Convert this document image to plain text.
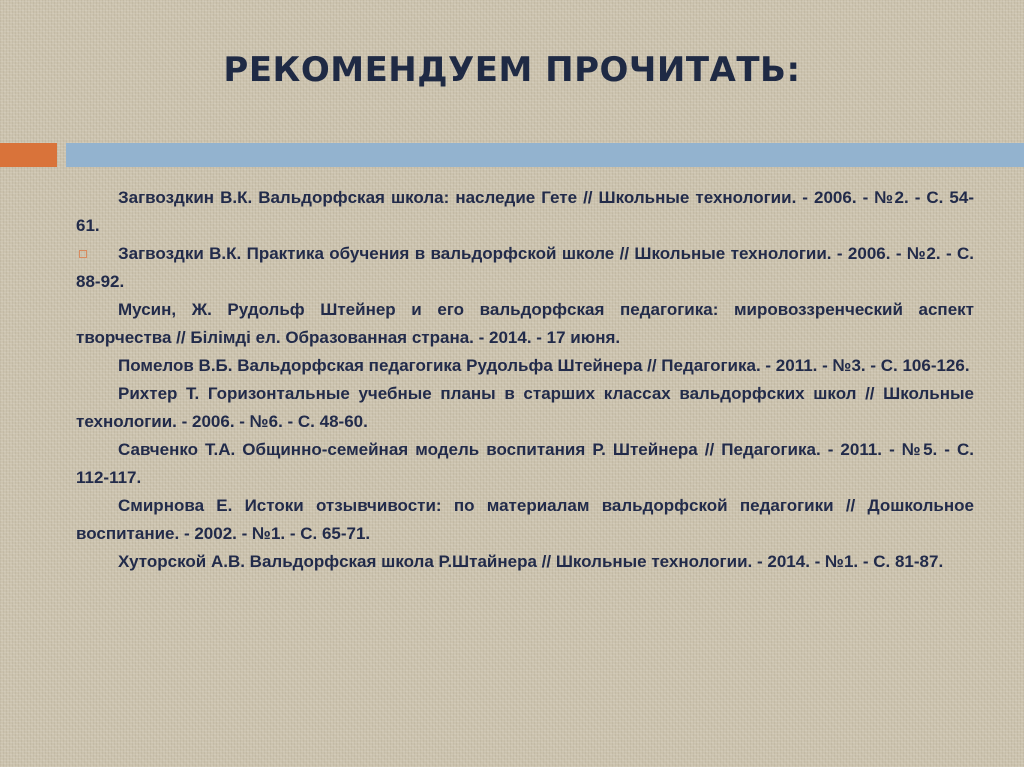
РЕКОМЕНДУЕМ ПРОЧИТАТЬ:
Загвоздкин В.К. Вальдорфская школа: наследие Гете // Школьные технологии. - 2006. - №2. - С. 54-61.
Загвоздки В.К. Практика обучения в вальдорфской школе // Школьные технологии. - 2006. - №2. - С. 88-92.
Мусин, Ж. Рудольф Штейнер и его вальдорфская педагогика: мировоззренческий аспект творчества // Білімді ел. Образованная страна. - 2014. - 17 июня.
Помелов В.Б. Вальдорфская педагогика Рудольфа Штейнера // Педагогика. - 2011. - №3. - С. 106-126.
Рихтер Т. Горизонтальные учебные планы в старших классах вальдорфских школ // Школьные технологии. - 2006. - №6. - С. 48-60.
Савченко Т.А. Общинно-семейная модель воспитания Р. Штейнера // Педагогика. - 2011. - №5. - С. 112-117.
Смирнова Е. Истоки отзывчивости: по материалам вальдорфской педагогики // Дошкольное воспитание. - 2002. - №1. - С. 65-71.
Хуторской А.В. Вальдорфская школа Р.Штайнера // Школьные технологии. - 2014. - №1. - С. 81-87.
